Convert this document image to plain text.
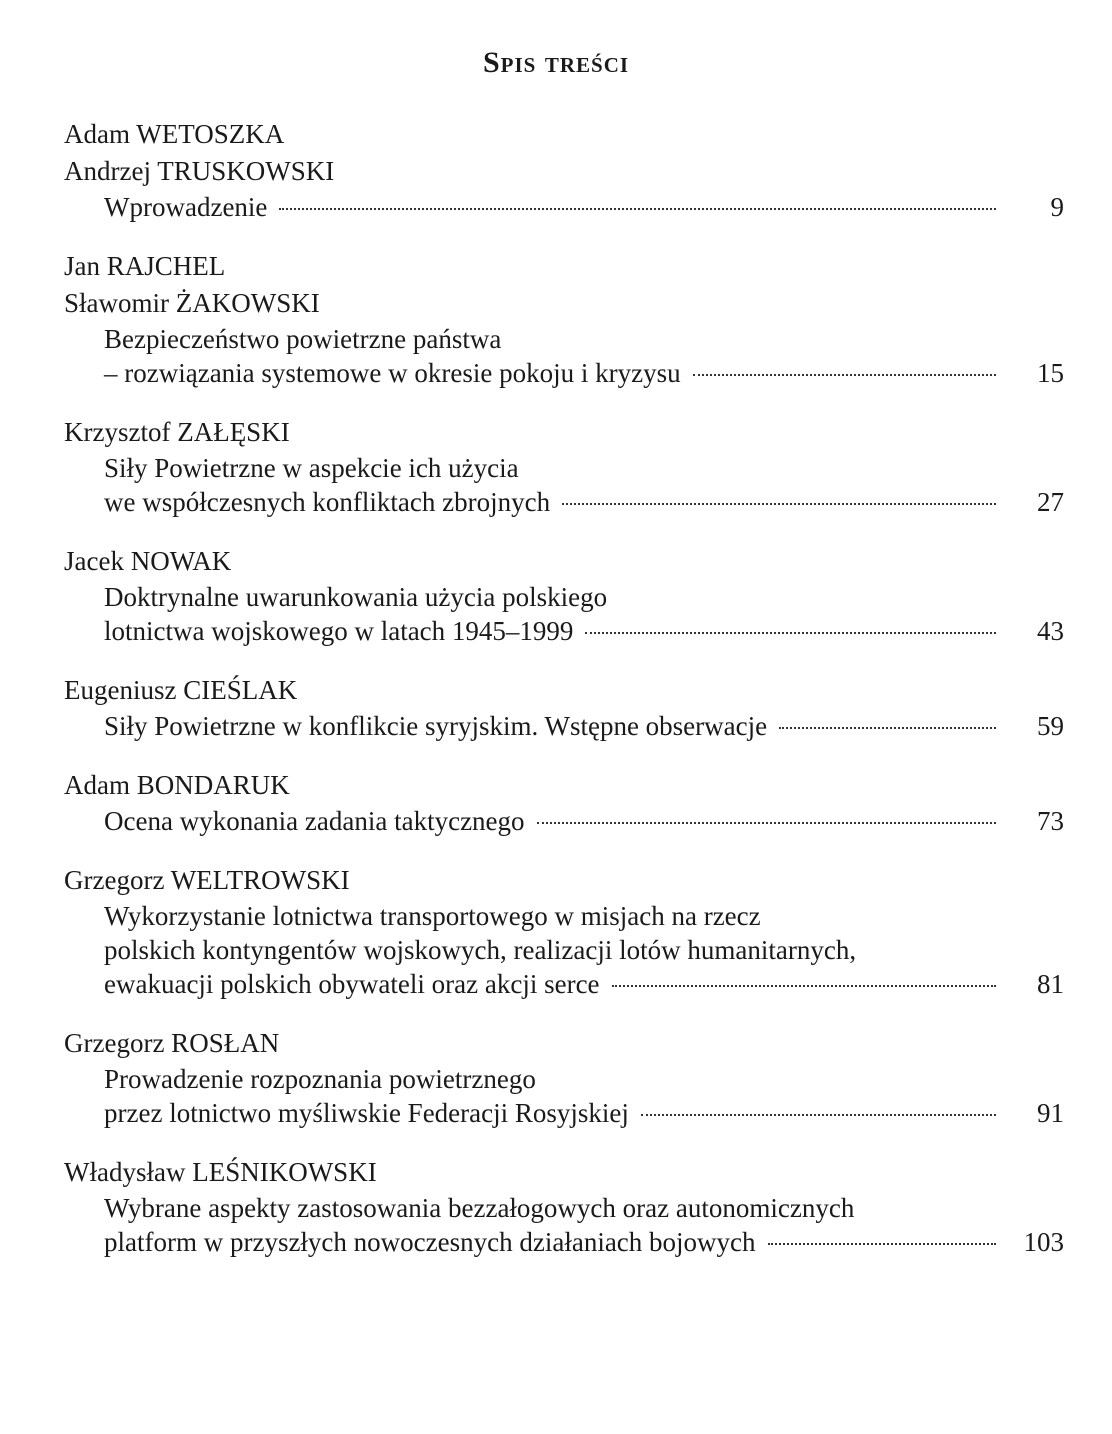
Spis treści
Adam WETOSZKA
Andrzej TRUSKOWSKI
Wprowadzenie	9
Jan RAJCHEL
Sławomir ŻAKOWSKI
Bezpieczeństwo powietrzne państwa
– rozwiązania systemowe w okresie pokoju i kryzysu	15
Krzysztof ZAŁĘSKI
Siły Powietrzne w aspekcie ich użycia
we współczesnych konfliktach zbrojnych	27
Jacek NOWAK
Doktrynalne uwarunkowania użycia polskiego
lotnictwa wojskowego w latach 1945–1999	43
Eugeniusz CIEŚLAK
Siły Powietrzne w konflikcie syryjskim. Wstępne obserwacje	59
Adam BONDARUK
Ocena wykonania zadania taktycznego	73
Grzegorz WELTROWSKI
Wykorzystanie lotnictwa transportowego w misjach na rzecz
polskich kontyngentów wojskowych, realizacji lotów humanitarnych,
ewakuacji polskich obywateli oraz akcji serce	81
Grzegorz ROSŁAN
Prowadzenie rozpoznania powietrznego
przez lotnictwo myśliwskie Federacji Rosyjskiej	91
Władysław LEŚNIKOWSKI
Wybrane aspekty zastosowania bezzałogowych oraz autonomicznych
platform w przyszłych nowoczesnych działaniach bojowych	103
